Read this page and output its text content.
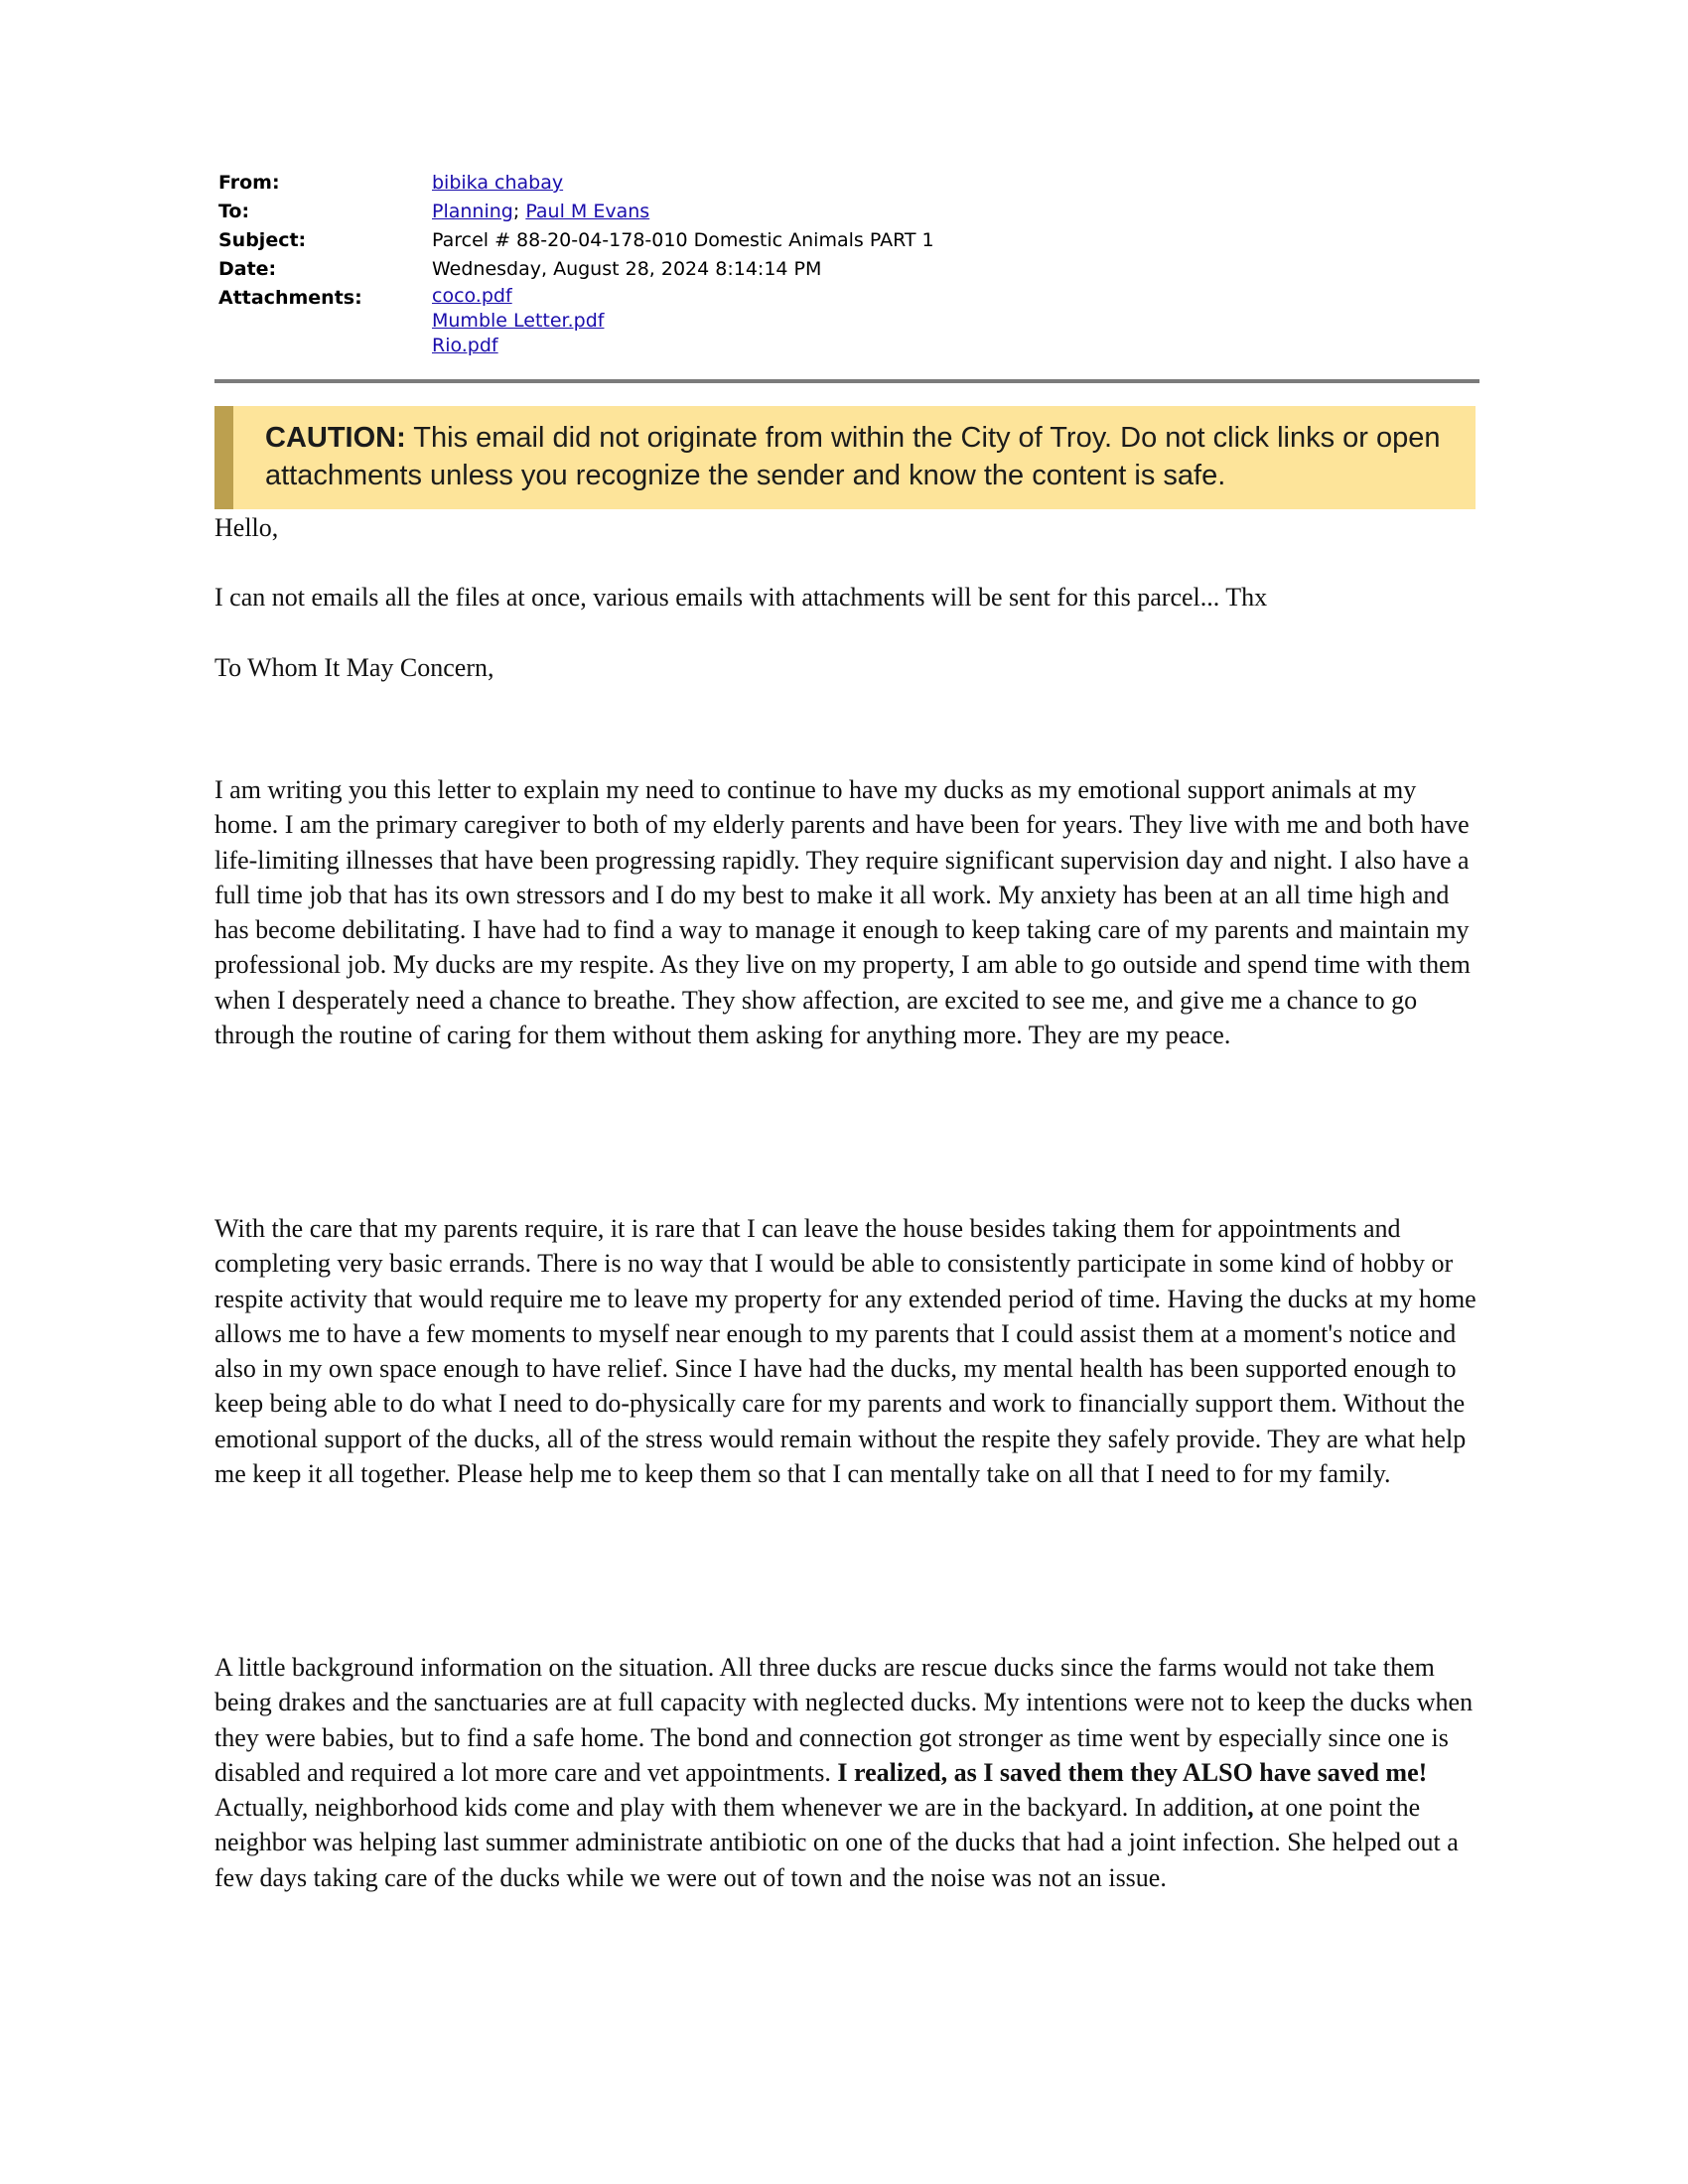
From:	bibika chabay
To:	Planning; Paul M Evans
Subject:	Parcel # 88-20-04-178-010 Domestic Animals PART 1
Date:	Wednesday, August 28, 2024 8:14:14 PM
Attachments:	coco.pdf
Mumble Letter.pdf
Rio.pdf
CAUTION: This email did not originate from within the City of Troy. Do not click links or open attachments unless you recognize the sender and know the content is safe.

Hello,

I can not emails all the files at once, various emails with attachments will be sent for this parcel... Thx

To Whom It May Concern,

I am writing you this letter to explain my need to continue to have my ducks as my emotional support animals at my home. I am the primary caregiver to both of my elderly parents and have been for years. They live with me and both have life-limiting illnesses that have been progressing rapidly. They require significant supervision day and night. I also have a full time job that has its own stressors and I do my best to make it all work. My anxiety has been at an all time high and has become debilitating. I have had to find a way to manage it enough to keep taking care of my parents and maintain my professional job. My ducks are my respite. As they live on my property, I am able to go outside and spend time with them when I desperately need a chance to breathe. They show affection, are excited to see me, and give me a chance to go through the routine of caring for them without them asking for anything more. They are my peace.

With the care that my parents require, it is rare that I can leave the house besides taking them for appointments and completing very basic errands. There is no way that I would be able to consistently participate in some kind of hobby or respite activity that would require me to leave my property for any extended period of time. Having the ducks at my home allows me to have a few moments to myself near enough to my parents that I could assist them at a moment's notice and also in my own space enough to have relief. Since I have had the ducks, my mental health has been supported enough to keep being able to do what I need to do-physically care for my parents and work to financially support them. Without the emotional support of the ducks, all of the stress would remain without the respite they safely provide. They are what help me keep it all together. Please help me to keep them so that I can mentally take on all that I need to for my family.

A little background information on the situation. All three ducks are rescue ducks since the farms would not take them being drakes and the sanctuaries are at full capacity with neglected ducks. My intentions were not to keep the ducks when they were babies, but to find a safe home. The bond and connection got stronger as time went by especially since one is disabled and required a lot more care and vet appointments. I realized, as I saved them they ALSO have saved me! Actually, neighborhood kids come and play with them whenever we are in the backyard. In addition, at one point the neighbor was helping last summer administrate antibiotic on one of the ducks that had a joint infection. She helped out a few days taking care of the ducks while we were out of town and the noise was not an issue.
